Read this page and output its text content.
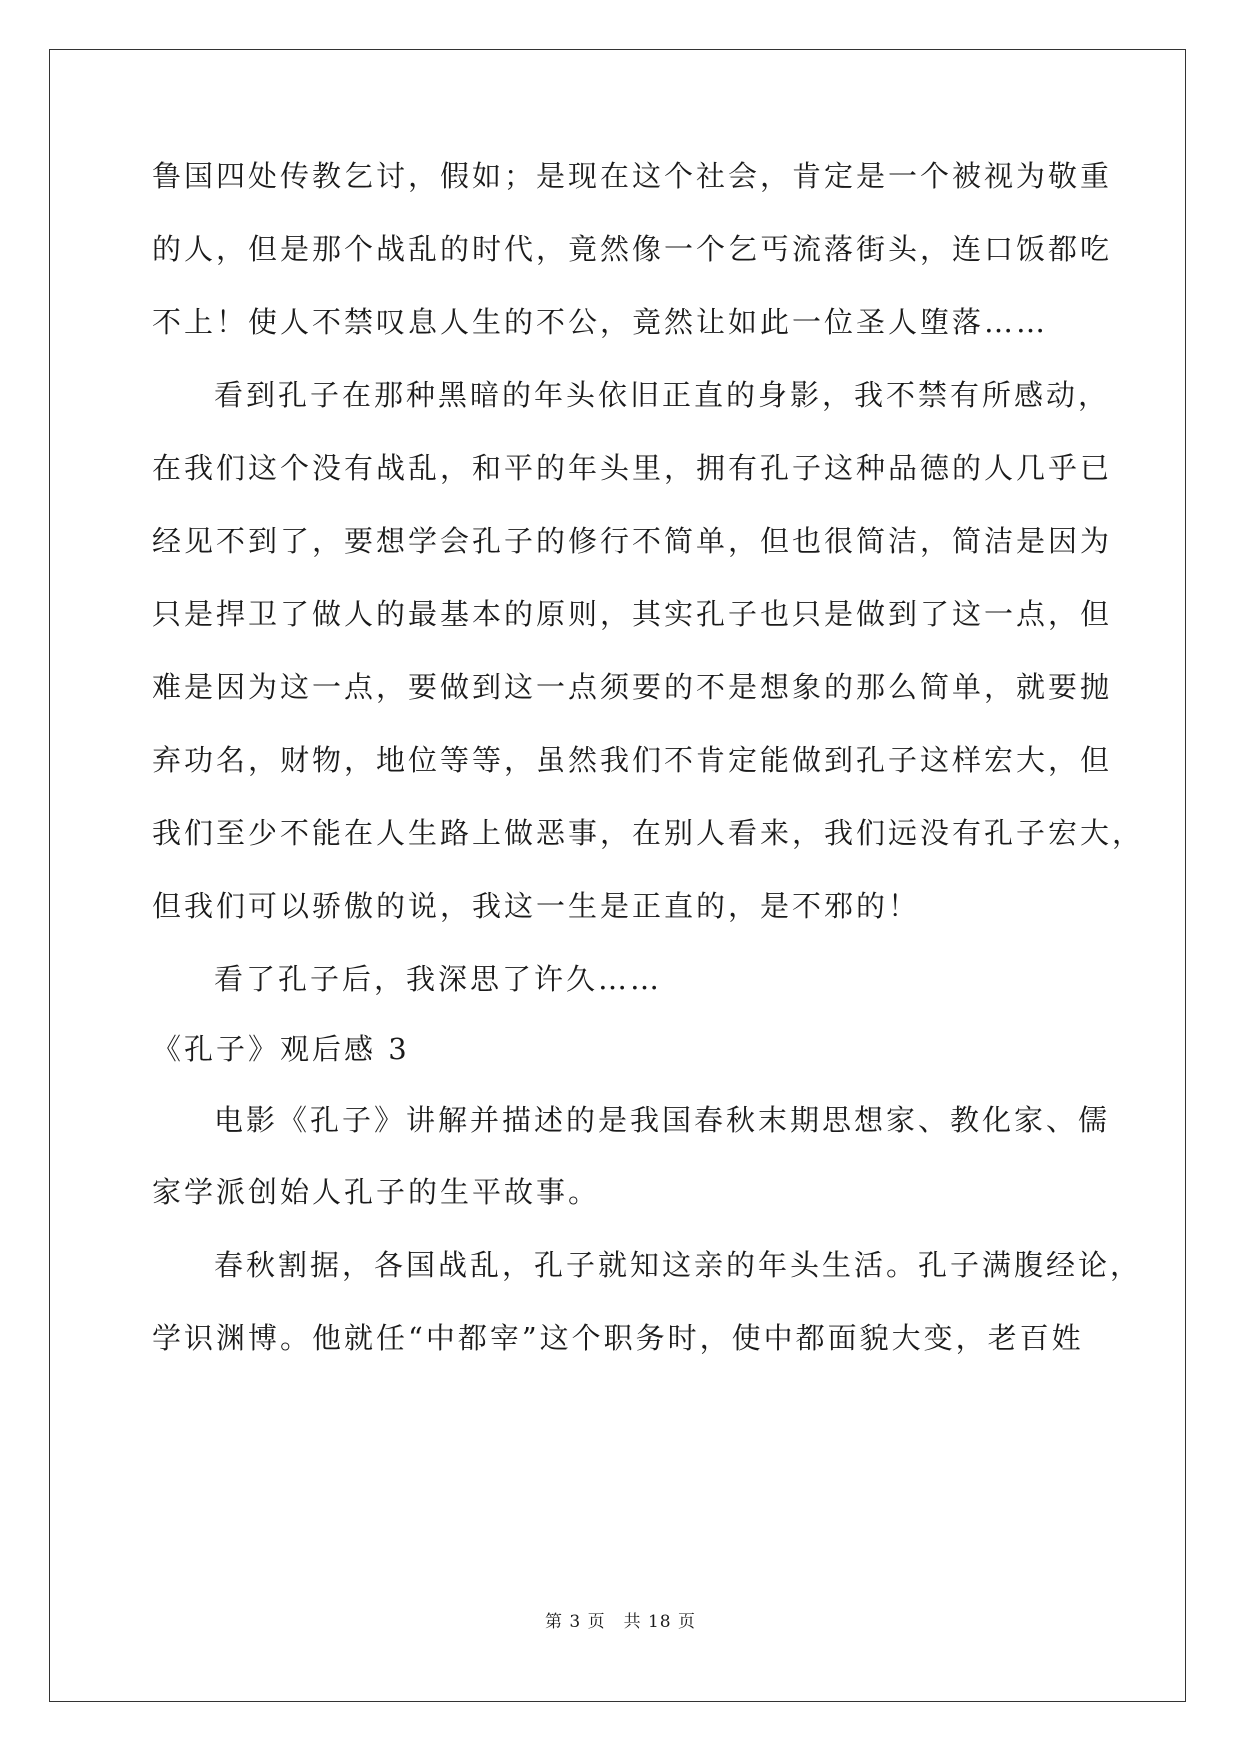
鲁国四处传教乞讨，假如；是现在这个社会，肯定是一个被视为敬重
的人，但是那个战乱的时代，竟然像一个乞丐流落街头，连口饭都吃
不上！使人不禁叹息人生的不公，竟然让如此一位圣人堕落……
看到孔子在那种黑暗的年头依旧正直的身影，我不禁有所感动，
在我们这个没有战乱，和平的年头里，拥有孔子这种品德的人几乎已
经见不到了，要想学会孔子的修行不简单，但也很简洁，简洁是因为
只是捍卫了做人的最基本的原则，其实孔子也只是做到了这一点，但
难是因为这一点，要做到这一点须要的不是想象的那么简单，就要抛
弃功名，财物，地位等等，虽然我们不肯定能做到孔子这样宏大，但
我们至少不能在人生路上做恶事，在别人看来，我们远没有孔子宏大，
但我们可以骄傲的说，我这一生是正直的，是不邪的！
看了孔子后，我深思了许久……
《孔子》观后感 3
电影《孔子》讲解并描述的是我国春秋末期思想家、教化家、儒
家学派创始人孔子的生平故事。
春秋割据，各国战乱，孔子就知这亲的年头生活。孔子满腹经论，
学识渊博。他就任“中都宰”这个职务时，使中都面貌大变，老百姓
第 3 页　共 18 页
